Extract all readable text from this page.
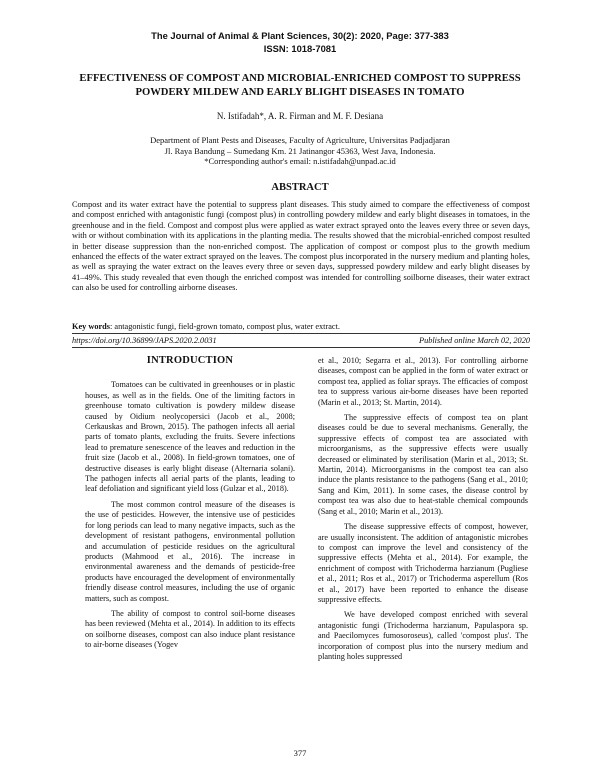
The Journal of Animal & Plant Sciences, 30(2): 2020, Page: 377-383
ISSN: 1018-7081
EFFECTIVENESS OF COMPOST AND MICROBIAL-ENRICHED COMPOST TO SUPPRESS POWDERY MILDEW AND EARLY BLIGHT DISEASES IN TOMATO
N. Istifadah*, A. R. Firman and M. F. Desiana
Department of Plant Pests and Diseases, Faculty of Agriculture, Universitas Padjadjaran
Jl. Raya Bandung – Sumedang Km. 21 Jatinangor 45363, West Java, Indonesia.
*Corresponding author's email: n.istifadah@unpad.ac.id
ABSTRACT

Compost and its water extract have the potential to suppress plant diseases. This study aimed to compare the effectiveness of compost and compost enriched with antagonistic fungi (compost plus) in controlling powdery mildew and early blight diseases in tomatoes, in the greenhouse and in the field. Compost and compost plus were applied as water extract sprayed onto the leaves every three or seven days, with or without combination with its applications in the planting media. The results showed that the microbial-enriched compost resulted in better disease suppression than the non-enriched compost. The application of compost or compost plus to the growth medium enhanced the effects of the water extract sprayed on the leaves. The compost plus incorporated in the nursery medium and planting holes, as well as spraying the water extract on the leaves every three or seven days, suppressed powdery mildew and early blight diseases by 41–49%. This study revealed that even though the enriched compost was intended for controlling soilborne diseases, their water extract can also be used for controlling airborne diseases.

Key words: antagonistic fungi, field-grown tomato, compost plus, water extract.
https://doi.org/10.36899/JAPS.2020.2.0031	Published online March 02, 2020
INTRODUCTION

Tomatoes can be cultivated in greenhouses or in plastic houses, as well as in the fields. One of the limiting factors in greenhouse tomato cultivation is powdery mildew disease caused by Oidium neolycopersici (Jacob et al., 2008; Cerkauskas and Brown, 2015). The pathogen infects all aerial parts of tomato plants, excluding the fruits. Severe infections lead to premature senescence of the leaves and reduction in the fruit size (Jacob et al., 2008). In field-grown tomatoes, one of destructive diseases is early blight disease (Alternaria solani). The pathogen infects all aerial parts of the plants, leading to leaf defoliation and significant yield loss (Gulzar et al., 2018).

The most common control measure of the diseases is the use of pesticides. However, the intensive use of pesticides for long periods can lead to many negative impacts, such as the development of resistant pathogens, environmental pollution and accumulation of pesticide residues on the agricultural products (Mahmood et al., 2016). The increase in environmental awareness and the demands of pesticide-free products have encouraged the development of environmentally friendly disease control measures, including the use of organic matters, such as compost.

The ability of compost to control soil-borne diseases has been reviewed (Mehta et al., 2014). In addition to its effects on soilborne diseases, compost can also induce plant resistance to air-borne diseases (Yogev

et al., 2010; Segarra et al., 2013). For controlling airborne diseases, compost can be applied in the form of water extract or compost tea, applied as foliar sprays. The efficacies of compost tea to suppress various air-borne diseases have been reported (Marin et al., 2013; St. Martin, 2014).

The suppressive effects of compost tea on plant diseases could be due to several mechanisms. Generally, the suppressive effects of compost tea are associated with microorganisms, as the suppressive effects were usually decreased or eliminated by sterilisation (Marin et al., 2013; St. Martin, 2014). Microorganisms in the compost tea can also induce the plants resistance to the pathogens (Sang et al., 2010; Sang and Kim, 2011). In some cases, the disease control by compost tea was also due to heat-stable chemical compounds (Sang et al., 2010; Marin et al., 2013).

The disease suppressive effects of compost, however, are usually inconsistent. The addition of antagonistic microbes to compost can improve the level and consistency of the suppressive effects (Mehta et al., 2014). For example, the enrichment of compost with Trichoderma harzianum (Pugliese et al., 2011; Ros et al., 2017) or Trichoderma asperellum (Ros et al., 2017) have been reported to enhance the disease suppressive effects.

We have developed compost enriched with several antagonistic fungi (Trichoderma harzianum, Papulaspora sp. and Paecilomyces fumosoroseus), called 'compost plus'. The incorporation of compost plus into the nursery medium and planting holes suppressed

377
